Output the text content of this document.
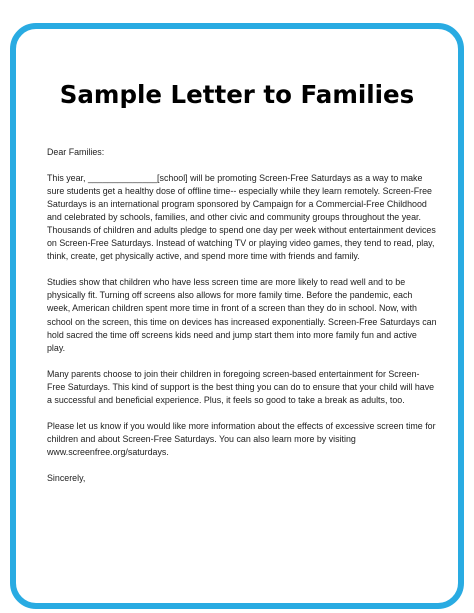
Sample Letter to Families

Dear Families:

This year, ______________[school] will be promoting Screen-Free Saturdays as a way to make sure students get a healthy dose of offline time-- especially while they learn remotely. Screen-Free Saturdays is an international program sponsored by Campaign for a Commercial-Free Childhood and celebrated by schools, families, and other civic and community groups throughout the year. Thousands of children and adults pledge to spend one day per week without entertainment devices on Screen-Free Saturdays. Instead of watching TV or playing video games, they tend to read, play, think, create, get physically active, and spend more time with friends and family.

Studies show that children who have less screen time are more likely to read well and to be physically fit. Turning off screens also allows for more family time. Before the pandemic, each week, American children spent more time in front of a screen than they do in school. Now, with school on the screen, this time on devices has increased exponentially. Screen-Free Saturdays can hold sacred the time off screens kids need and jump start them into more family fun and active play.

Many parents choose to join their children in foregoing screen-based entertainment for Screen-Free Saturdays. This kind of support is the best thing you can do to ensure that your child will have a successful and beneficial experience. Plus, it feels so good to take a break as adults, too.

Please let us know if you would like more information about the effects of excessive screen time for children and about Screen-Free Saturdays. You can also learn more by visiting www.screenfree.org/saturdays.

Sincerely,
